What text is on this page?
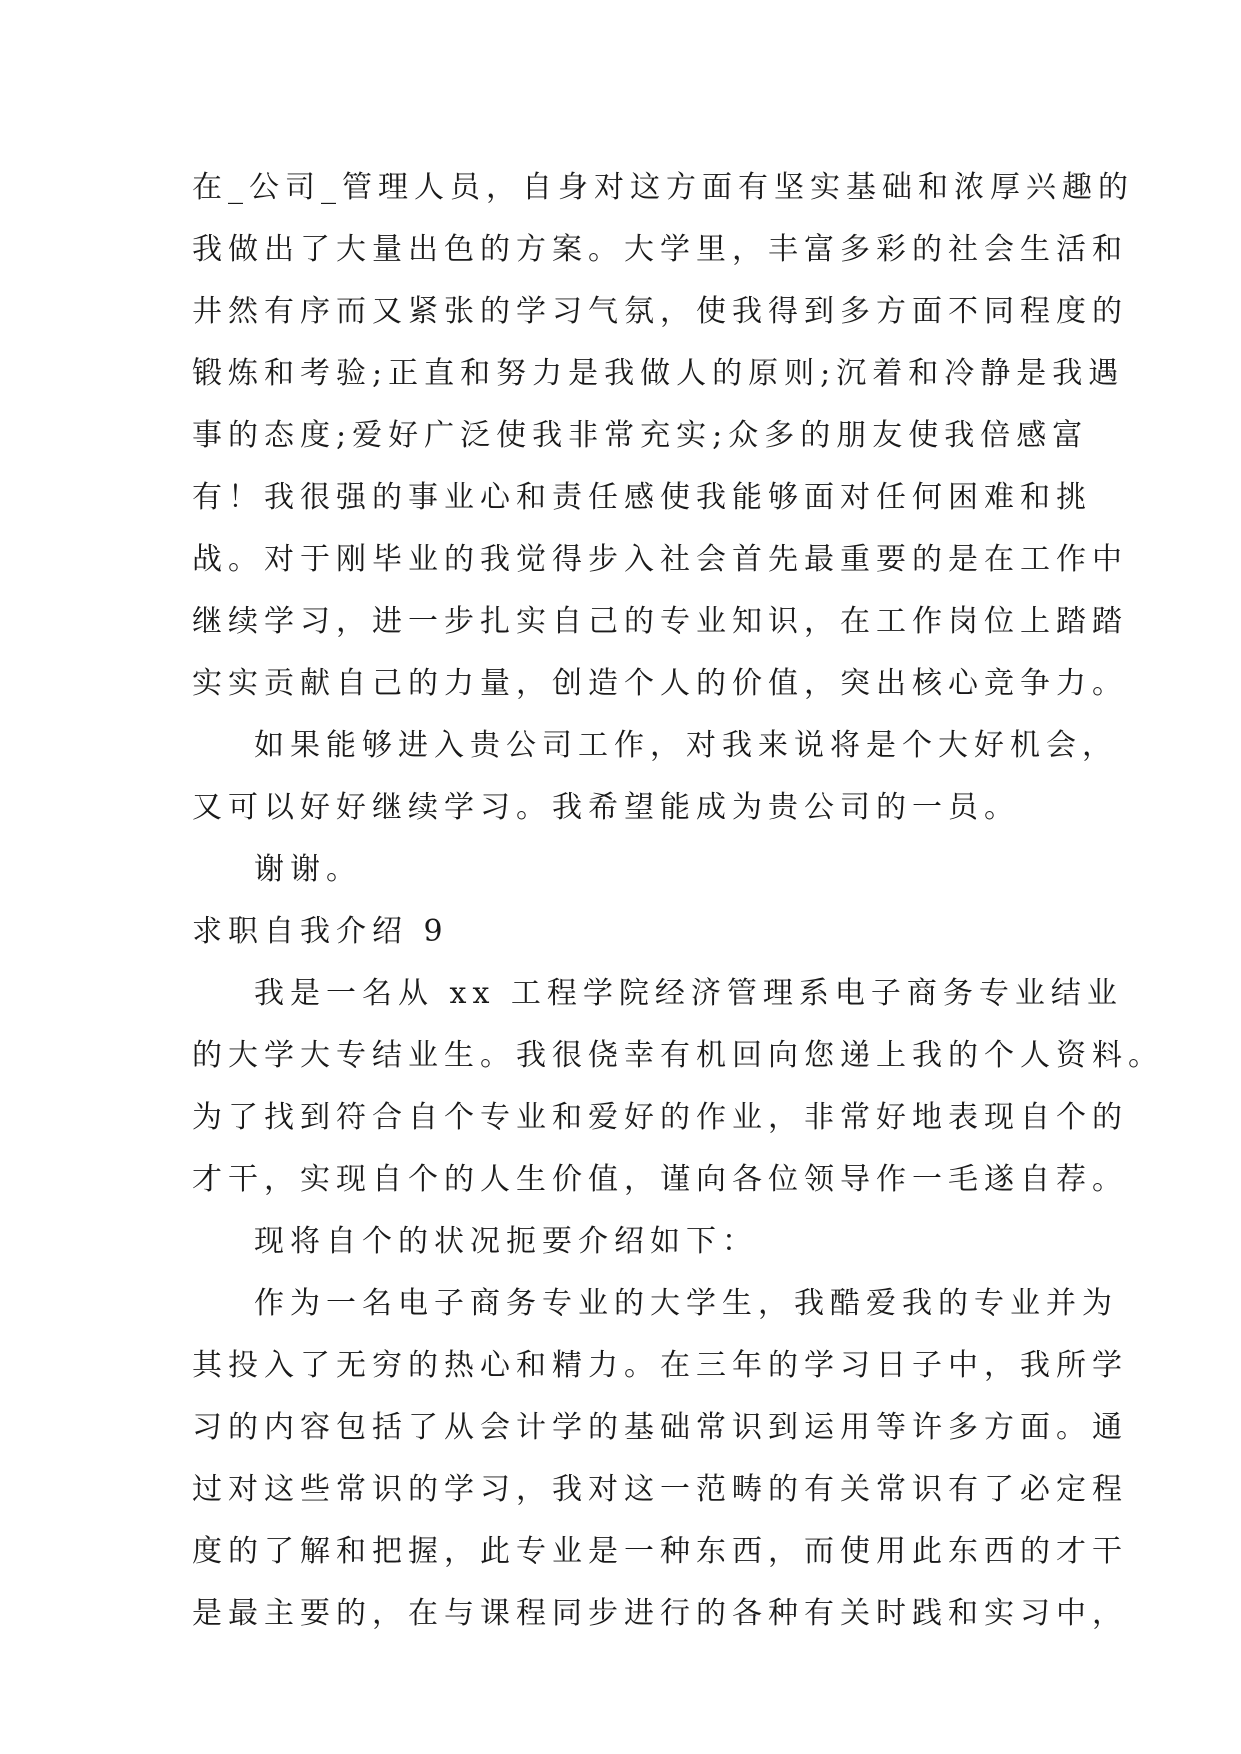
在_公司_管理人员，自身对这方面有坚实基础和浓厚兴趣的
我做出了大量出色的方案。大学里，丰富多彩的社会生活和
井然有序而又紧张的学习气氛，使我得到多方面不同程度的
锻炼和考验;正直和努力是我做人的原则;沉着和冷静是我遇
事的态度;爱好广泛使我非常充实;众多的朋友使我倍感富
有！我很强的事业心和责任感使我能够面对任何困难和挑
战。对于刚毕业的我觉得步入社会首先最重要的是在工作中
继续学习，进一步扎实自己的专业知识，在工作岗位上踏踏
实实贡献自己的力量，创造个人的价值，突出核心竞争力。
如果能够进入贵公司工作，对我来说将是个大好机会，
又可以好好继续学习。我希望能成为贵公司的一员。
谢谢。
求职自我介绍 9
我是一名从 xx 工程学院经济管理系电子商务专业结业
的大学大专结业生。我很侥幸有机回向您递上我的个人资料。
为了找到符合自个专业和爱好的作业，非常好地表现自个的
才干，实现自个的人生价值，谨向各位领导作一毛遂自荐。
现将自个的状况扼要介绍如下：
作为一名电子商务专业的大学生，我酷爱我的专业并为
其投入了无穷的热心和精力。在三年的学习日子中，我所学
习的内容包括了从会计学的基础常识到运用等许多方面。通
过对这些常识的学习，我对这一范畴的有关常识有了必定程
度的了解和把握，此专业是一种东西，而使用此东西的才干
是最主要的，在与课程同步进行的各种有关时践和实习中，
